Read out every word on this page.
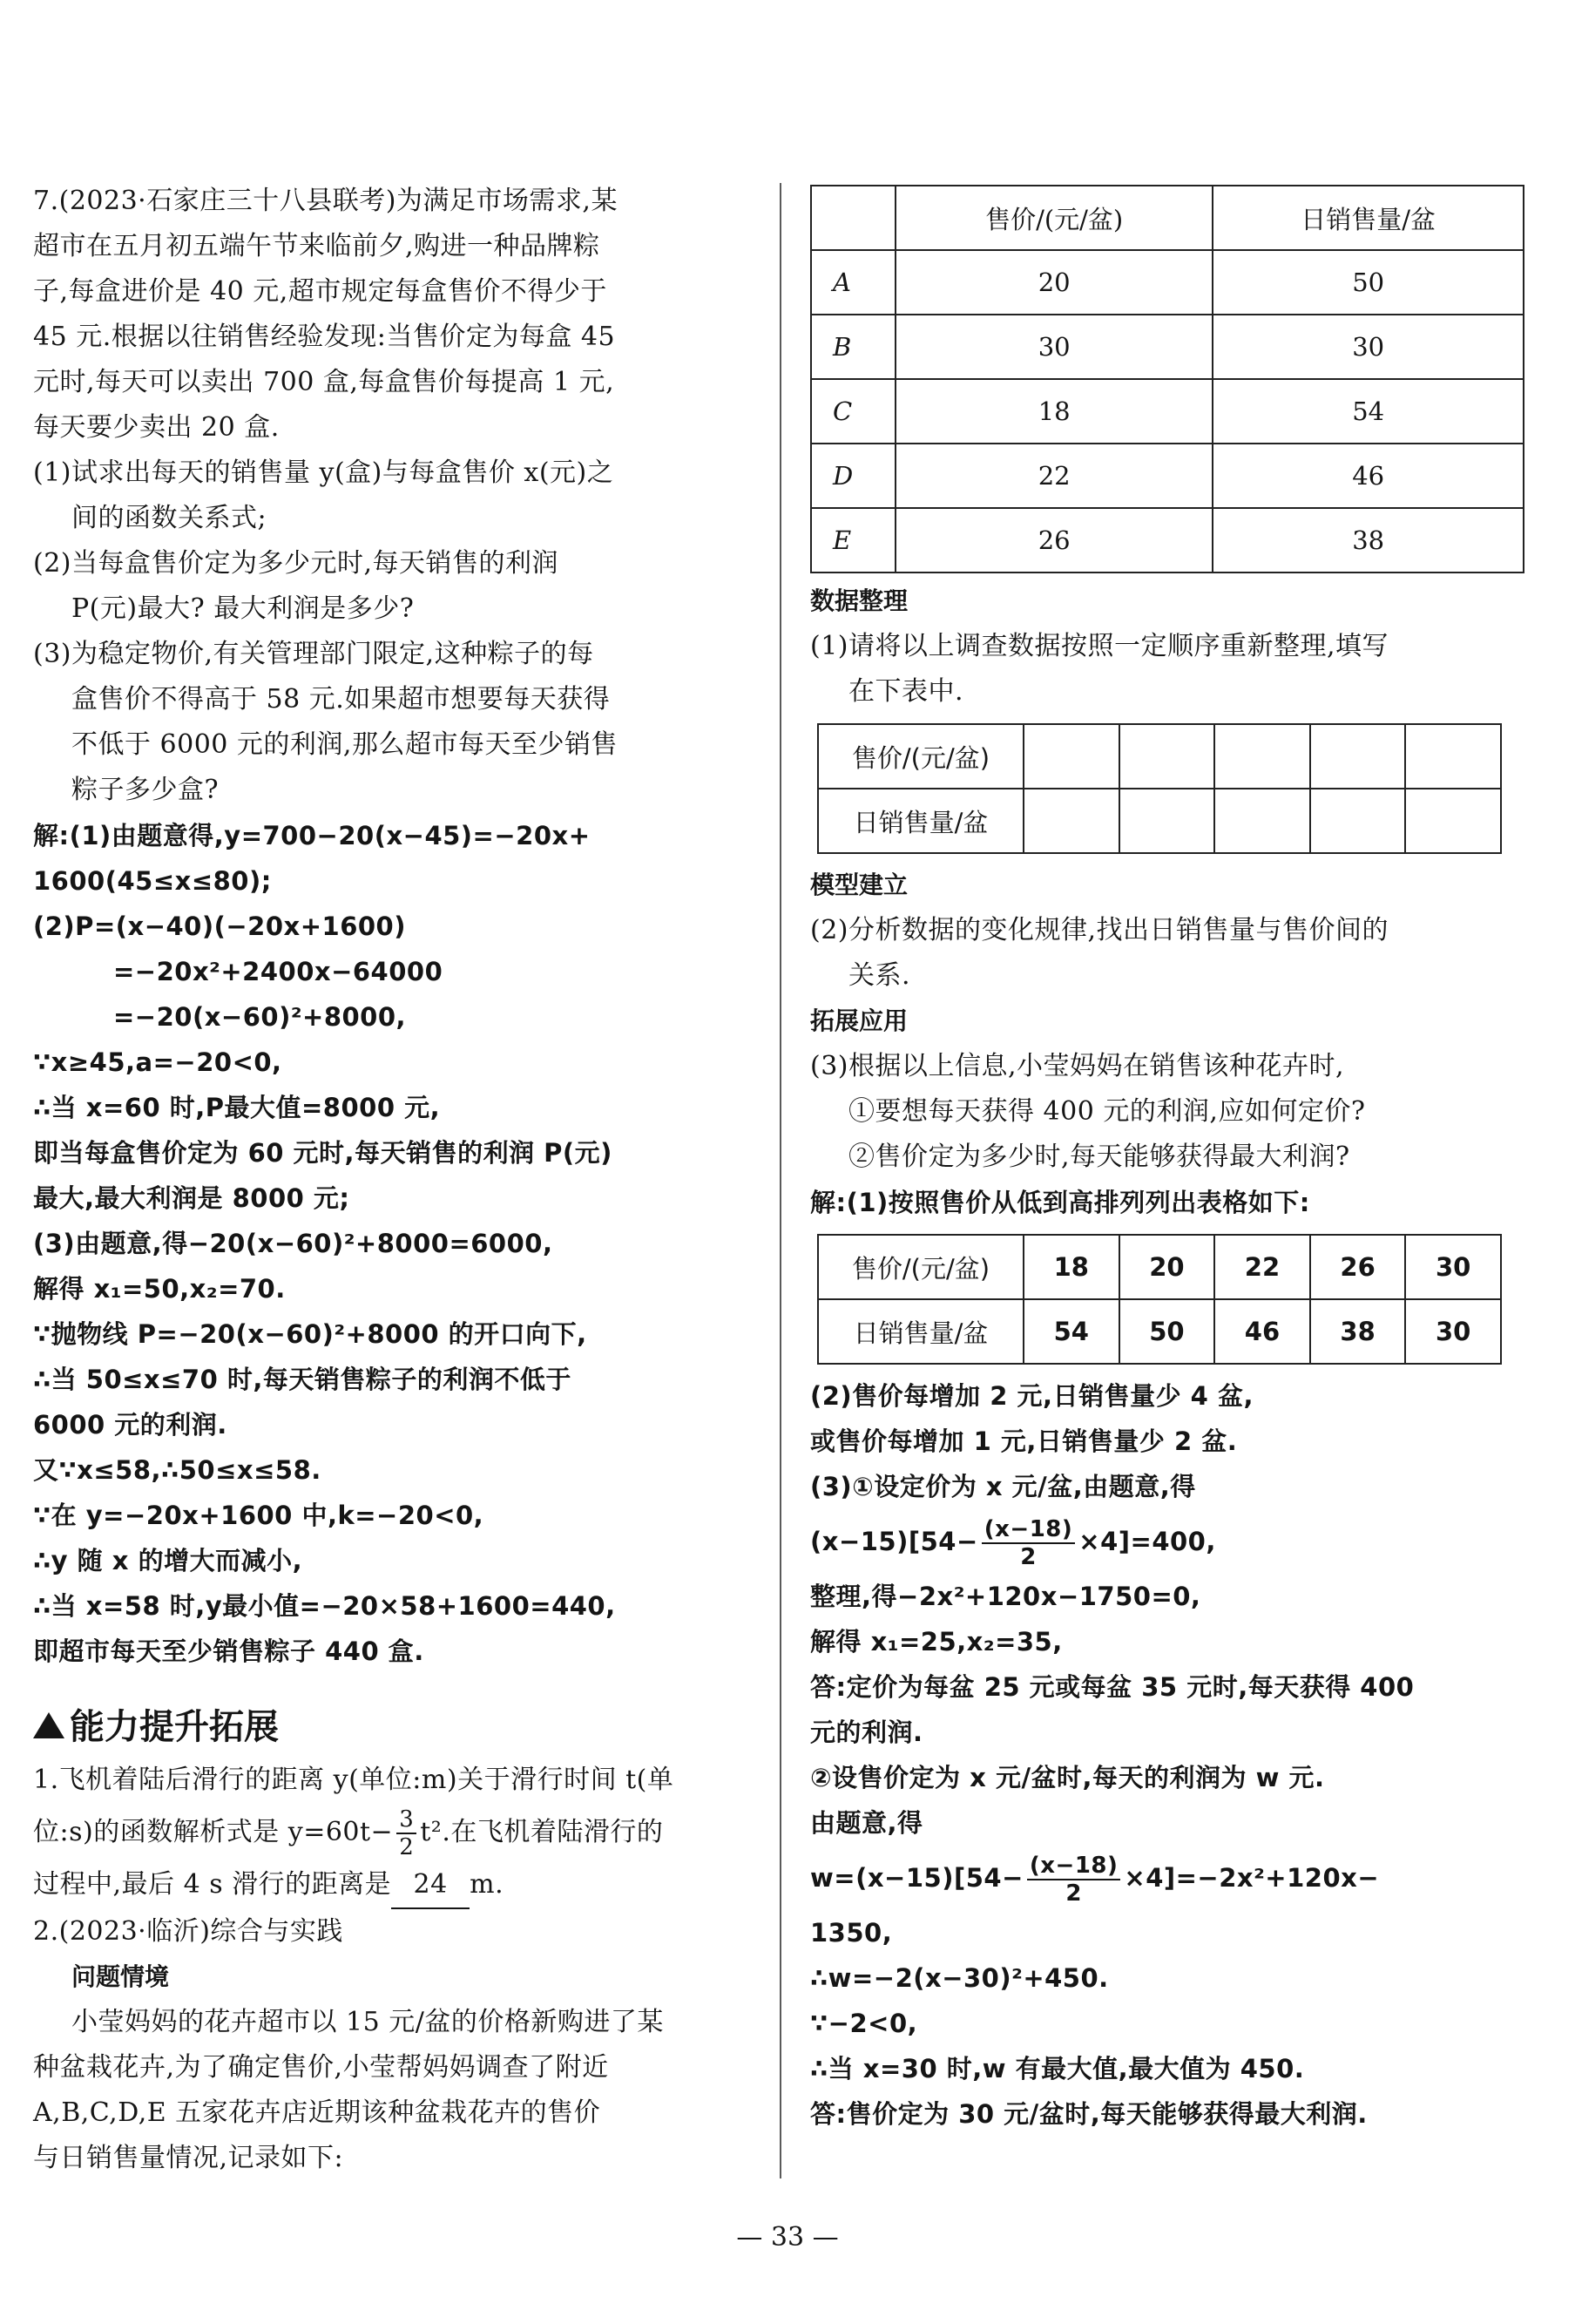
7.(2023·石家庄三十八县联考)为满足市场需求,某
超市在五月初五端午节来临前夕,购进一种品牌粽
子,每盒进价是 40 元,超市规定每盒售价不得少于
45 元.根据以往销售经验发现:当售价定为每盒 45
元时,每天可以卖出 700 盒,每盒售价每提高 1 元,
每天要少卖出 20 盒.
(1)试求出每天的销售量 y(盒)与每盒售价 x(元)之
间的函数关系式;
(2)当每盒售价定为多少元时,每天销售的利润
P(元)最大? 最大利润是多少?
(3)为稳定物价,有关管理部门限定,这种粽子的每
盒售价不得高于 58 元.如果超市想要每天获得
不低于 6000 元的利润,那么超市每天至少销售
粽子多少盒?
解:(1)由题意得,y=700−20(x−45)=−20x+
1600(45≤x≤80);
(2)P=(x−40)(−20x+1600)
=−20x²+2400x−64000
=−20(x−60)²+8000,
∵x≥45,a=−20<0,
∴当 x=60 时,P最大值=8000 元,
即当每盒售价定为 60 元时,每天销售的利润 P(元)
最大,最大利润是 8000 元;
(3)由题意,得−20(x−60)²+8000=6000,
解得 x₁=50,x₂=70.
∵抛物线 P=−20(x−60)²+8000 的开口向下,
∴当 50≤x≤70 时,每天销售粽子的利润不低于
6000 元的利润.
又∵x≤58,∴50≤x≤58.
∵在 y=−20x+1600 中,k=−20<0,
∴y 随 x 的增大而减小,
∴当 x=58 时,y最小值=−20×58+1600=440,
即超市每天至少销售粽子 440 盒.
能力提升拓展
1.飞机着陆后滑行的距离 y(单位:m)关于滑行时间 t(单
位:s)的函数解析式是 $y=60t- \frac{3}{2} t^2$.在飞机着陆滑行的
过程中,最后 4 s 滑行的距离是 24 m.
2.(2023·临沂)综合与实践
问题情境
小莹妈妈的花卉超市以 15 元/盆的价格新购进了某
种盆栽花卉,为了确定售价,小莹帮妈妈调查了附近
A,B,C,D,E 五家花卉店近期该种盆栽花卉的售价
与日销售量情况,记录如下:
	售价/(元/盆)	日销售量/盆
A	20	50
B	30	30
C	18	54
D	22	46
E	26	38
数据整理
(1)请将以上调查数据按照一定顺序重新整理,填写
在下表中.
售价/(元/盆)					
日销售量/盆					
模型建立
(2)分析数据的变化规律,找出日销售量与售价间的
关系.
拓展应用
(3)根据以上信息,小莹妈妈在销售该种花卉时,
①要想每天获得 400 元的利润,应如何定价?
②售价定为多少时,每天能够获得最大利润?
解:(1)按照售价从低到高排列列出表格如下:
售价/(元/盆)	18	20	22	26	30
日销售量/盆	54	50	46	38	30
(2)售价每增加 2 元,日销售量少 4 盆,
或售价每增加 1 元,日销售量少 2 盆.
(3)①设定价为 x 元/盆,由题意,得
$(x-15)[54- \frac{(x-18)}{2} \times 4]=400$,
整理,得−2x²+120x−1750=0,
解得 x₁=25,x₂=35,
答:定价为每盆 25 元或每盆 35 元时,每天获得 400
元的利润.
②设售价定为 x 元/盆时,每天的利润为 w 元.
由题意,得
$w=(x-15)[54- \frac{(x-18)}{2} \times 4]=-2x^2+120x-$
1350,
∴w=−2(x−30)²+450.
∵−2<0,
∴当 x=30 时,w 有最大值,最大值为 450.
答:售价定为 30 元/盆时,每天能够获得最大利润.
— 33 —
